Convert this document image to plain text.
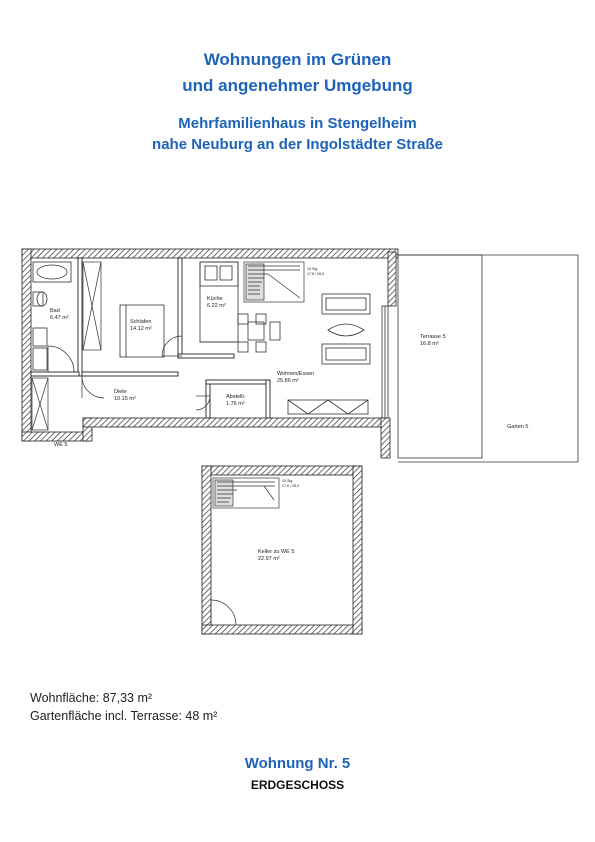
Wohnungen im Grünen
und angenehmer Umgebung
Mehrfamilienhaus in Stengelheim
nahe Neuburg an der Ingolstädter Straße
Bad
6.47 m²
Schlafen
14.12 m²
Küche
6.22 m²
Wohnen/Essen
25.86 m²
Diele
10.15 m²	Abstellr.
1.76 m²
Terrasse 5
16.8 m²
Garten 5
WE 5
Keller zu WE 5
22.97 m²
15 Stg
17,6 / 28,5
15 Stg
17,6 / 28,5
Wohnfläche: 87,33 m²
Gartenfläche incl. Terrasse: 48 m²
Wohnung Nr. 5
ERDGESCHOSS
